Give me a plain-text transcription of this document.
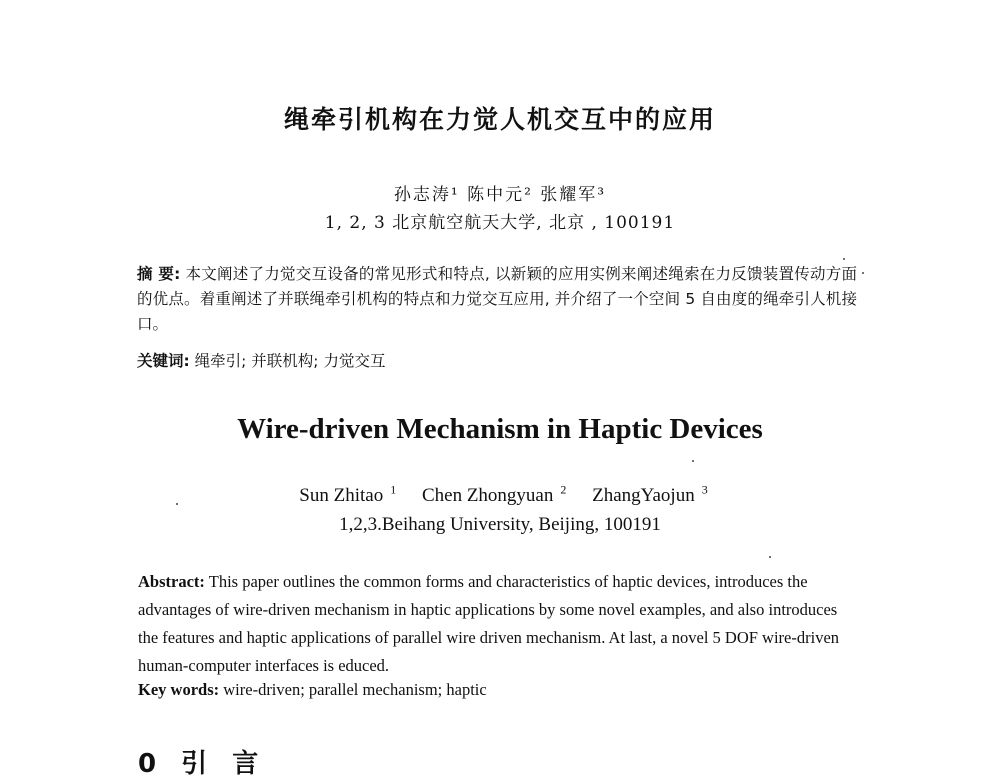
绳牵引机构在力觉人机交互中的应用
孙志涛¹ 陈中元² 张耀军³
1, 2, 3 北京航空航天大学, 北京 , 100191
摘 要: 本文阐述了力觉交互设备的常见形式和特点, 以新颖的应用实例来阐述绳索在力反馈装置传动方面的优点。着重阐述了并联绳牵引机构的特点和力觉交互应用, 并介绍了一个空间 5 自由度的绳牵引人机接口。
关键词: 绳牵引; 并联机构; 力觉交互
Wire-driven Mechanism in Haptic Devices
Sun Zhitao $^1$ Chen Zhongyuan $^2$ ZhangYaojun $^3$
1,2,3.Beihang University, Beijing, 100191
Abstract: This paper outlines the common forms and characteristics of haptic devices, introduces the advantages of wire-driven mechanism in haptic applications by some novel examples, and also introduces the features and haptic applications of parallel wire driven mechanism. At last, a novel 5 DOF wire-driven human-computer interfaces is educed.
Key words: wire-driven; parallel mechanism; haptic
0 引 言
